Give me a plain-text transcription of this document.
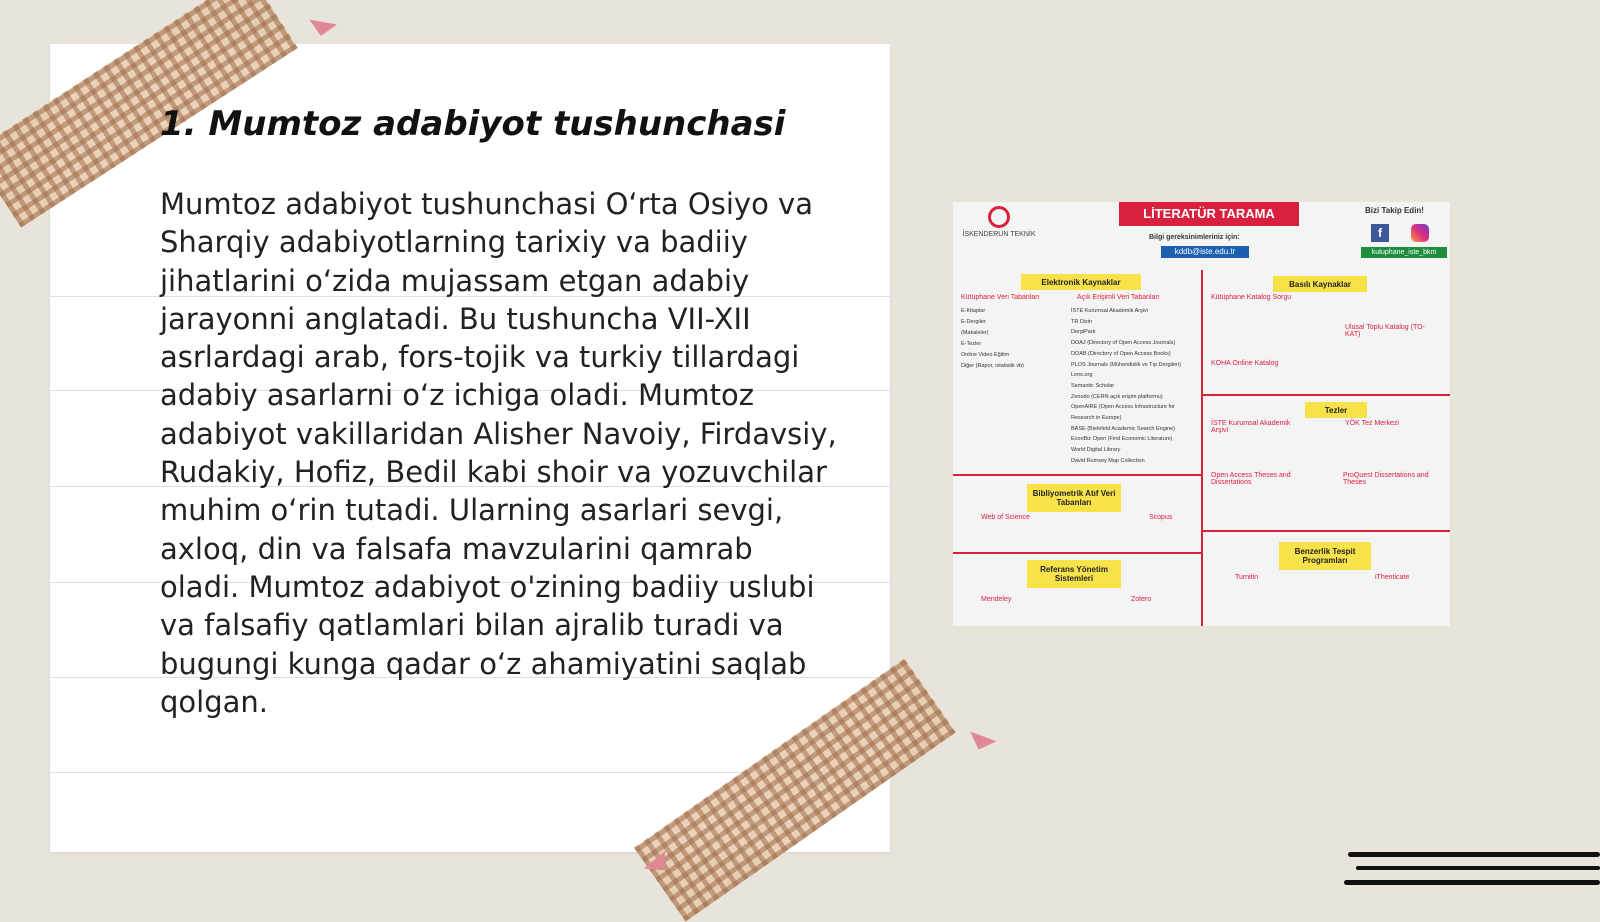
1. Mumtoz adabiyot tushunchasi

Mumtoz adabiyot tushunchasi O‘rta Osiyo va Sharqiy adabiyotlarning tarixiy va badiiy jihatlarini o‘zida mujassam etgan adabiy jarayonni anglatadi. Bu tushuncha VII-XII asrlardagi arab, fors-tojik va turkiy tillardagi adabiy asarlarni o‘z ichiga oladi. Mumtoz adabiyot vakillaridan Alisher Navoiy, Firdavsiy, Rudakiy, Hofiz, Bedil kabi shoir va yozuvchilar muhim o‘rin tutadi. Ularning asarlari sevgi, axloq, din va falsafa mavzularini qamrab oladi. Mumtoz adabiyot o'zining badiiy uslubi va falsafiy qatlamlari bilan ajralib turadi va bugungi kunga qadar o‘z ahamiyatini saqlab qolgan.

İSKENDERUN TEKNİK
LİTERATÜR TARAMA
Bilgi gereksinimleriniz için:
kddb@iste.edu.tr
Bizi Takip Edin!
f
kutuphane_iste_bkm
Elektronik Kaynaklar	Basılı Kaynaklar
Tezler
Bibliyometrik Atıf Veri Tabanları
Referans Yönetim Sistemleri
Benzerlik Tespit Programları
Kütüphane Veri Tabanları	Açık Erişimli Veri Tabanları	Kütüphane Katalog Sorgu
Ulusal Toplu Katalog (TO-KAT)
KOHA Online Katalog
İSTE Kurumsal Akademik Arşivi
YÖK Tez Merkezi
Open Access Theses and Dissertations
ProQuest Dissertations and Theses
Web of Science	Scopus
Mendeley	Zotero
Turnitin	iThenticate
E-Kitaplar
E-Dergiler
(Makaleler)
E-Tezler
Online Video Eğitim
Diğer (Rapor, istatistik vb)
İSTE Kurumsal Akademik Arşivi
TR Dizin
DergiPark
DOAJ (Directory of Open Access Journals)
DOAB (Directory of Open Access Books)
PLOS Journals (Mühendislik ve Tıp Dergileri)
Lens.org
Semantic Scholar
Zenodo (CERN açık erişim platformu)
OpenAIRE (Open Access Infrastructure for Research in Europe)
BASE (Bielefeld Academic Search Engine)
EconBiz Open (Find Economic Literature)
World Digital Library
David Rumsey Map Collection
